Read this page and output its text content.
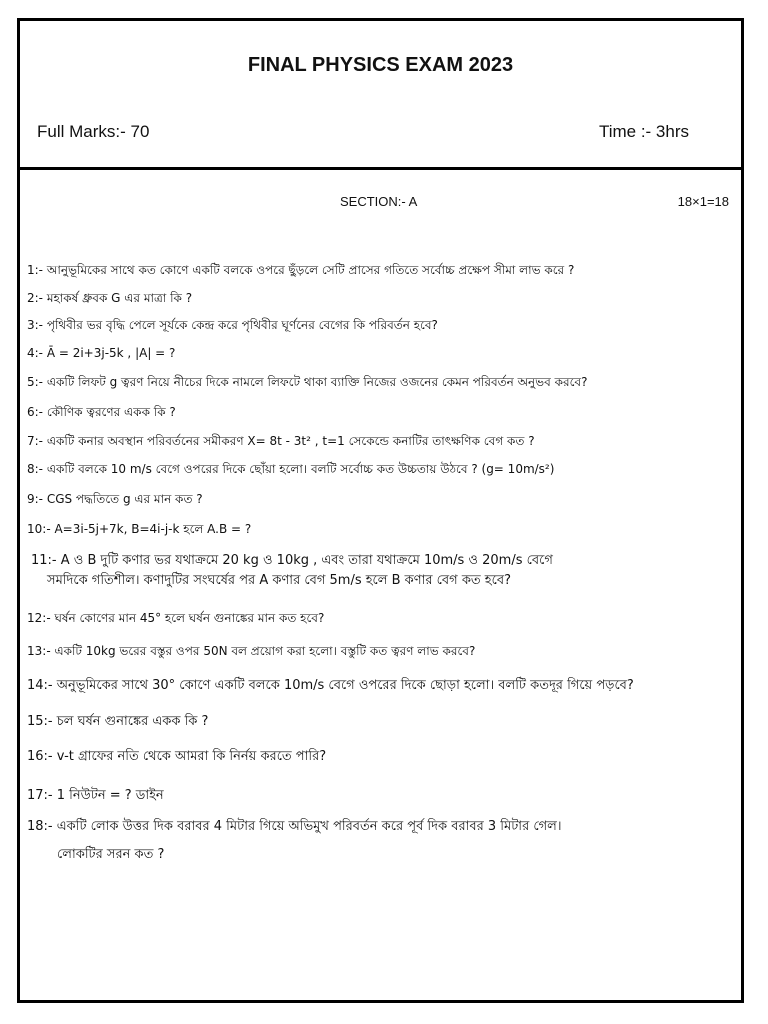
FINAL PHYSICS EXAM 2023
Full Marks:- 70	Time :- 3hrs
SECTION:- A	18×1=18
1:- আনুভূমিকের সাথে কত কোণে একটি বলকে ওপরে ছুঁড়লে সেটি প্রাসের গতিতে সর্বোচ্চ প্রক্ষেপ সীমা লাভ করে ?
2:- মহাকর্ষ ধ্রুবক G এর মাত্রা কি ?
3:- পৃথিবীর ভর বৃদ্ধি পেলে সূর্যকে কেন্দ্র করে পৃথিবীর ঘূর্ণনের বেগের কি পরিবর্তন হবে?
4:- Ā = 2i+3j-5k , |A| = ?
5:- একটি লিফট g ত্বরণ নিয়ে নীচের দিকে নামলে লিফটে থাকা ব্যাক্তি নিজের ওজনের কেমন পরিবর্তন অনুভব করবে?
6:- কৌণিক ত্বরণের একক কি ?
7:- একটি কনার অবস্থান পরিবর্তনের সমীকরণ X= 8t - 3t² , t=1 সেকেন্ডে কনাটির তাৎক্ষণিক বেগ কত ?
8:- একটি বলকে 10 m/s বেগে ওপরের দিকে ছোঁয়া হলো। বলটি সর্বোচ্চ কত উচ্চতায় উঠবে ? (g= 10m/s²)
9:- CGS পদ্ধতিতে g এর মান কত ?
10:- A=3i-5j+7k, B=4i-j-k হলে A.B = ?
11:- A ও B দুটি কণার ভর যথাক্রমে 20 kg ও 10kg , এবং তারা যথাক্রমে 10m/s ও 20m/s বেগে
সমদিকে গতিশীল। কণাদুটির সংঘর্ষের পর A কণার বেগ 5m/s হলে B কণার বেগ কত হবে?
12:- ঘর্ষন কোণের মান 45° হলে ঘর্ষন গুনাঙ্কের মান কত হবে?
13:- একটি 10kg ভরের বস্তুর ওপর 50N বল প্রয়োগ করা হলো। বস্তুটি কত ত্বরণ লাভ করবে?
14:- অনুভূমিকের সাথে 30° কোণে একটি বলকে 10m/s বেগে ওপরের দিকে ছোড়া হলো। বলটি কতদূর গিয়ে পড়বে?
15:- চল ঘর্ষন গুনাঙ্কের একক কি ?
16:- v-t গ্রাফের নতি থেকে আমরা কি নির্নয় করতে পারি?
17:- 1 নিউটন = ? ডাইন
18:- একটি লোক উত্তর দিক বরাবর 4 মিটার গিয়ে অভিমুখ পরিবর্তন করে পূর্ব দিক বরাবর 3 মিটার গেল।
লোকটির সরন কত ?
